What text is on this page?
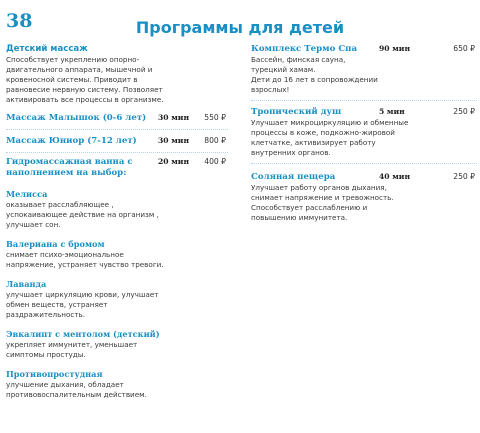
38	Программы для детей
Детский массаж
Способствует укреплению опорно-
двигательного аппарата, мышечной и
кровеносной системы. Приводит в
равновесие нервную систему. Позволяет
активировать все процессы в организме.
Массаж Малышок (0-6 лет)	30 мин 550 ₽
Массаж Юниор (7-12 лет)	30 мин 800 ₽
Гидромассажная ванна с
наполнением на выбор:
20 мин 400 ₽
Мелисса
оказывает расслабляющее ,
успокаивающее действие на организм ,
улучшает сон.
Валериана с бромом
снимает психо-эмоциональное
напряжение, устраняет чувство тревоги.
Лаванда
улучшает циркуляцию крови, улучшает
обмен веществ, устраняет
раздражительность.
Эвкалипт с ментолом (детский)
укрепляет иммунитет, уменьшает
симптомы простуды.
Противопростудная
улучшение дыхания, обладает
противовоспалительным действием.
Комплекс Термо Спа	90 мин	650 ₽
Бассейн, финская сауна,
турецкий хамам.
Дети до 16 лет в сопровождении
взрослых!
Тропический душ	5 мин	250 ₽
Улучшает микроциркуляцию и обменные
процессы в коже, подкожно-жировой
клетчатке, активизирует работу
внутренних органов.
Соляная пещера	40 мин	250 ₽
Улучшает работу органов дыхания,
снимает напряжение и тревожность.
Способствует расслаблению и
повышению иммунитета.
